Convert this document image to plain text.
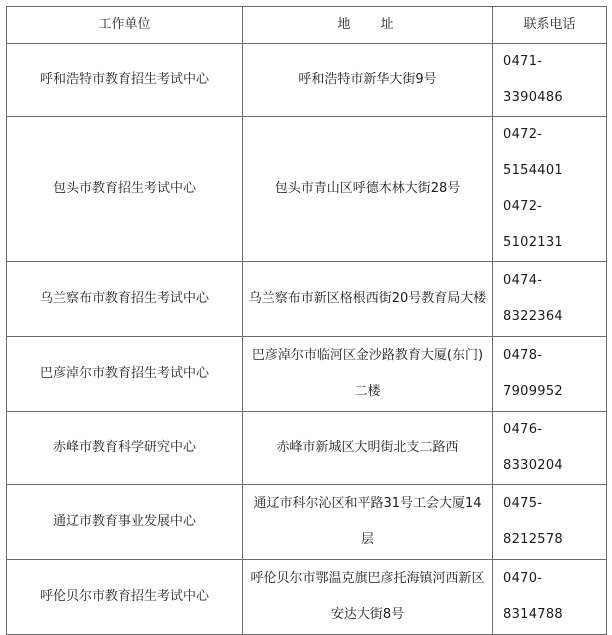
工作单位	地址	联系电话
呼和浩特市教育招生考试中心	呼和浩特市新华大街9号	0471-3390486

包头市教育招生考试中心	包头市青山区呼德木林大街28号	0472-5154401
0472-5102131

乌兰察布市教育招生考试中心	乌兰察布市新区格根西街20号教育局大楼	0474-8322364

巴彦淖尔市教育招生考试中心	巴彦淖尔市临河区金沙路教育大厦(东门)二楼	0478-7909952

赤峰市教育科学研究中心	赤峰市新城区大明街北支二路西	0476-8330204

通辽市教育事业发展中心	通辽市科尔沁区和平路31号工会大厦14层	0475-8212578

呼伦贝尔市教育招生考试中心	呼伦贝尔市鄂温克旗巴彦托海镇河西新区安达大街8号	0470-8314788
